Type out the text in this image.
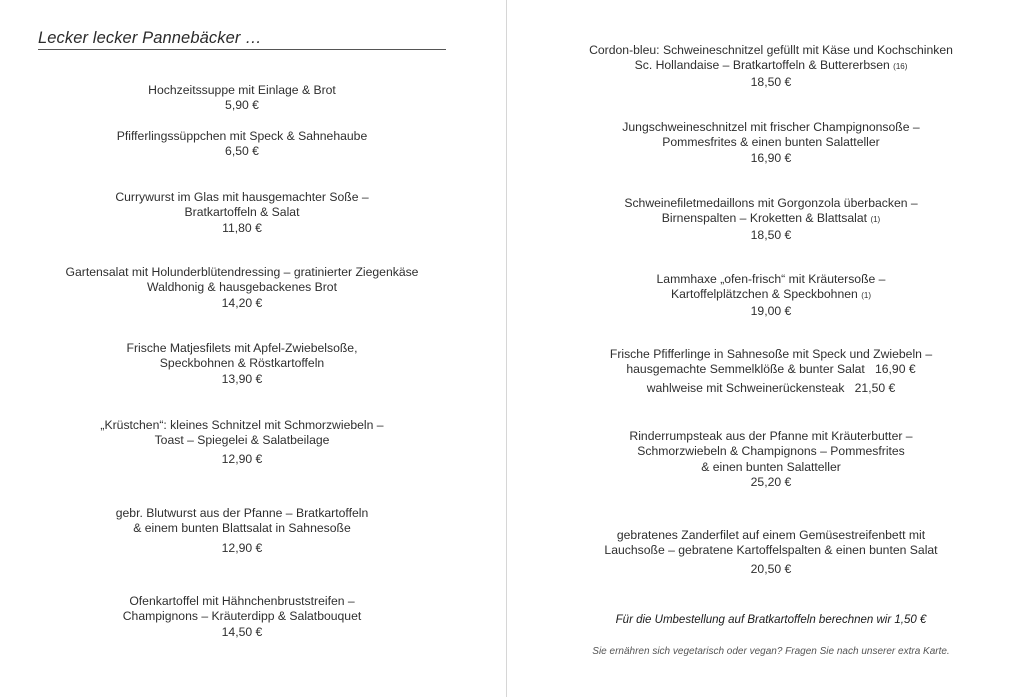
Lecker lecker Pannebäcker …
Hochzeitssuppe mit Einlage & Brot
5,90 €
Pfifferlingssüppchen mit Speck & Sahnehaube
6,50 €
Currywurst im Glas mit hausgemachter Soße –
Bratkartoffeln & Salat
11,80 €
Gartensalat mit Holunderblütendressing – gratinierter Ziegenkäse
Waldhonig & hausgebackenes Brot
14,20 €
Frische Matjesfilets mit Apfel-Zwiebelsoße,
Speckbohnen & Röstkartoffeln
13,90 €
„Krüstchen“: kleines Schnitzel mit Schmorzwiebeln –
Toast – Spiegelei & Salatbeilage
12,90 €
gebr. Blutwurst aus der Pfanne – Bratkartoffeln
& einem bunten Blattsalat in Sahnesoße
12,90 €
Ofenkartoffel mit Hähnchenbruststreifen –
Champignons – Kräuterdipp & Salatbouquet
14,50 €
Cordon-bleu: Schweineschnitzel gefüllt mit Käse und Kochschinken
Sc. Hollandaise – Bratkartoffeln & Buttererbsen (16)
18,50 €
Jungschweineschnitzel mit frischer Champignonsoße –
Pommesfrites & einen bunten Salatteller
16,90 €
Schweinefiletmedaillons mit Gorgonzola überbacken –
Birnenspalten – Kroketten & Blattsalat (1)
18,50 €
Lammhaxe „ofen-frisch“ mit Kräutersoße –
Kartoffelplätzchen & Speckbohnen (1)
19,00 €
Frische Pfifferlinge in Sahnesoße mit Speck und Zwiebeln –
hausgemachte Semmelklöße & bunter Salat   16,90 €
wahlweise mit Schweinerückensteak   21,50 €
Rinderrumpsteak aus der Pfanne mit Kräuterbutter –
Schmorzwiebeln & Champignons – Pommesfrites
& einen bunten Salatteller
25,20 €
gebratenes Zanderfilet auf einem Gemüsestreifenbett mit
Lauchsoße – gebratene Kartoffelspalten & einen bunten Salat
20,50 €
Für die Umbestellung auf Bratkartoffeln berechnen wir 1,50 €
Sie ernähren sich vegetarisch oder vegan? Fragen Sie nach unserer extra Karte.
